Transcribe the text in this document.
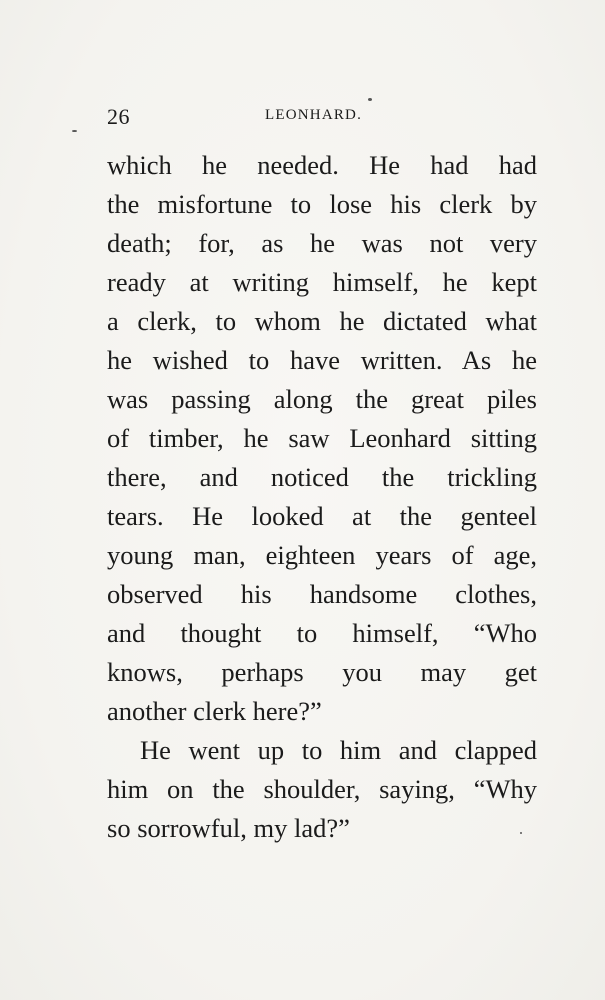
26	LEONHARD.
which he needed. He had had
the misfortune to lose his clerk by
death; for, as he was not very
ready at writing himself, he kept
a clerk, to whom he dictated what
he wished to have written. As he
was passing along the great piles
of timber, he saw Leonhard sitting
there, and noticed the trickling
tears. He looked at the genteel
young man, eighteen years of age,
observed his handsome clothes,
and thought to himself, “Who
knows, perhaps you may get
another clerk here?”
He went up to him and clapped
him on the shoulder, saying, “Why
so sorrowful, my lad?”
